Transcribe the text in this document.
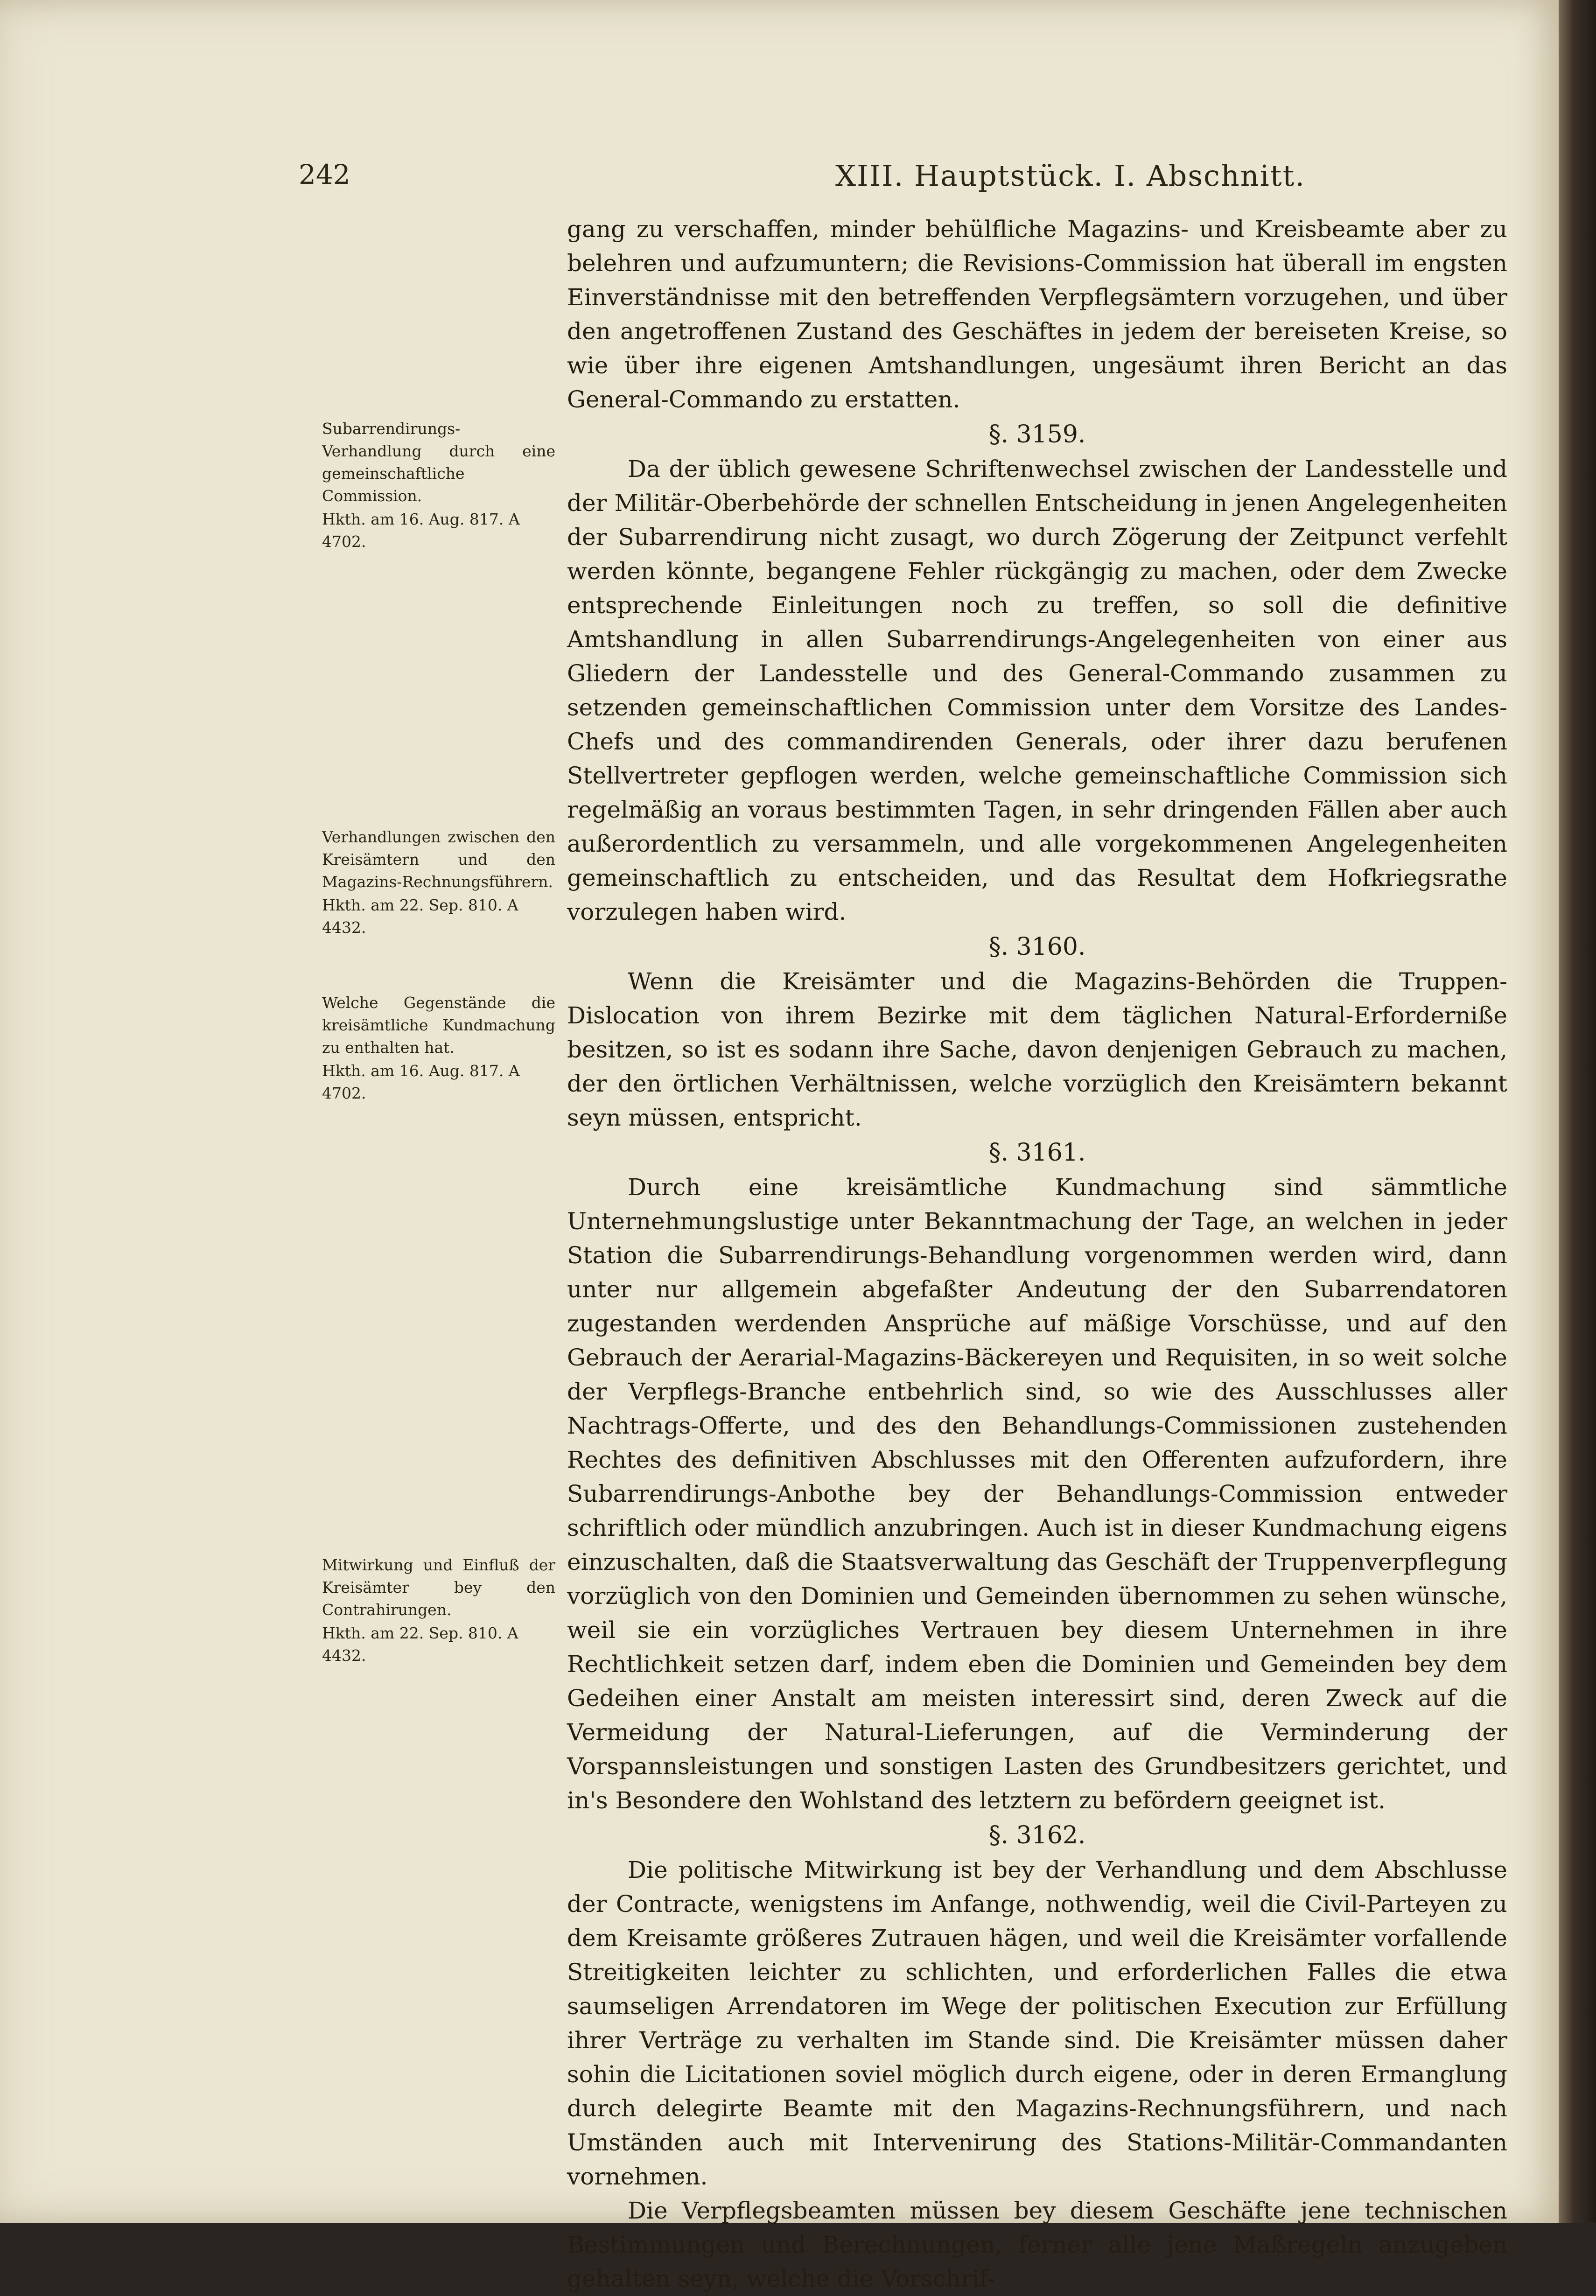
242	XIII. Hauptstück. I. Abschnitt.
Subarrendirungs-Verhandlung durch eine gemeinschaftliche Commission.
Hkth. am 16. Aug. 817. A 4702.
Verhandlungen zwischen den Kreisämtern und den Magazins-Rechnungsführern.
Hkth. am 22. Sep. 810. A 4432.
Welche Gegenstände die kreisämtliche Kundmachung zu enthalten hat.
Hkth. am 16. Aug. 817. A 4702.
Mitwirkung und Einfluß der Kreisämter bey den Contrahirungen.
Hkth. am 22. Sep. 810. A 4432.

gang zu verschaffen, minder behülfliche Magazins- und Kreisbeamte aber zu belehren und aufzumuntern; die Revisions-Commission hat überall im engsten Einverständnisse mit den betreffenden Verpflegsämtern vorzugehen, und über den angetroffenen Zustand des Geschäftes in jedem der bereiseten Kreise, so wie über ihre eigenen Amtshandlungen, ungesäumt ihren Bericht an das General-Commando zu erstatten.

§. 3159.

Da der üblich gewesene Schriftenwechsel zwischen der Landesstelle und der Militär-Oberbehörde der schnellen Entscheidung in jenen Angelegenheiten der Subarrendirung nicht zusagt, wo durch Zögerung der Zeitpunct verfehlt werden könnte, begangene Fehler rückgängig zu machen, oder dem Zwecke entsprechende Einleitungen noch zu treffen, so soll die definitive Amtshandlung in allen Subarrendirungs-Angelegenheiten von einer aus Gliedern der Landesstelle und des General-Commando zusammen zu setzenden gemeinschaftlichen Commission unter dem Vorsitze des Landes-Chefs und des commandirenden Generals, oder ihrer dazu berufenen Stellvertreter gepflogen werden, welche gemeinschaftliche Commission sich regelmäßig an voraus bestimmten Tagen, in sehr dringenden Fällen aber auch außerordentlich zu versammeln, und alle vorgekommenen Angelegenheiten gemeinschaftlich zu entscheiden, und das Resultat dem Hofkriegsrathe vorzulegen haben wird.

§. 3160.

Wenn die Kreisämter und die Magazins-Behörden die Truppen-Dislocation von ihrem Bezirke mit dem täglichen Natural-Erforderniße besitzen, so ist es sodann ihre Sache, davon denjenigen Gebrauch zu machen, der den örtlichen Verhältnissen, welche vorzüglich den Kreisämtern bekannt seyn müssen, entspricht.

§. 3161.

Durch eine kreisämtliche Kundmachung sind sämmtliche Unternehmungslustige unter Bekanntmachung der Tage, an welchen in jeder Station die Subarrendirungs-Behandlung vorgenommen werden wird, dann unter nur allgemein abgefaßter Andeutung der den Subarrendatoren zugestanden werdenden Ansprüche auf mäßige Vorschüsse, und auf den Gebrauch der Aerarial-Magazins-Bäckereyen und Requisiten, in so weit solche der Verpflegs-Branche entbehrlich sind, so wie des Ausschlusses aller Nachtrags-Offerte, und des den Behandlungs-Commissionen zustehenden Rechtes des definitiven Abschlusses mit den Offerenten aufzufordern, ihre Subarrendirungs-Anbothe bey der Behandlungs-Commission entweder schriftlich oder mündlich anzubringen. Auch ist in dieser Kundmachung eigens einzuschalten, daß die Staatsverwaltung das Geschäft der Truppenverpflegung vorzüglich von den Dominien und Gemeinden übernommen zu sehen wünsche, weil sie ein vorzügliches Vertrauen bey diesem Unternehmen in ihre Rechtlichkeit setzen darf, indem eben die Dominien und Gemeinden bey dem Gedeihen einer Anstalt am meisten interessirt sind, deren Zweck auf die Vermeidung der Natural-Lieferungen, auf die Verminderung der Vorspannsleistungen und sonstigen Lasten des Grundbesitzers gerichtet, und in's Besondere den Wohlstand des letztern zu befördern geeignet ist.

§. 3162.

Die politische Mitwirkung ist bey der Verhandlung und dem Abschlusse der Contracte, wenigstens im Anfange, nothwendig, weil die Civil-Parteyen zu dem Kreisamte größeres Zutrauen hägen, und weil die Kreisämter vorfallende Streitigkeiten leichter zu schlichten, und erforderlichen Falles die etwa saumseligen Arrendatoren im Wege der politischen Execution zur Erfüllung ihrer Verträge zu verhalten im Stande sind. Die Kreisämter müssen daher sohin die Licitationen soviel möglich durch eigene, oder in deren Ermanglung durch delegirte Beamte mit den Magazins-Rechnungsführern, und nach Umständen auch mit Intervenirung des Stations-Militär-Commandanten vornehmen.

Die Verpflegsbeamten müssen bey diesem Geschäfte jene technischen Bestimmungen und Berechnungen, ferner alle jene Maßregeln anzugeben gehalten seyn, welche die Vorschrif-
